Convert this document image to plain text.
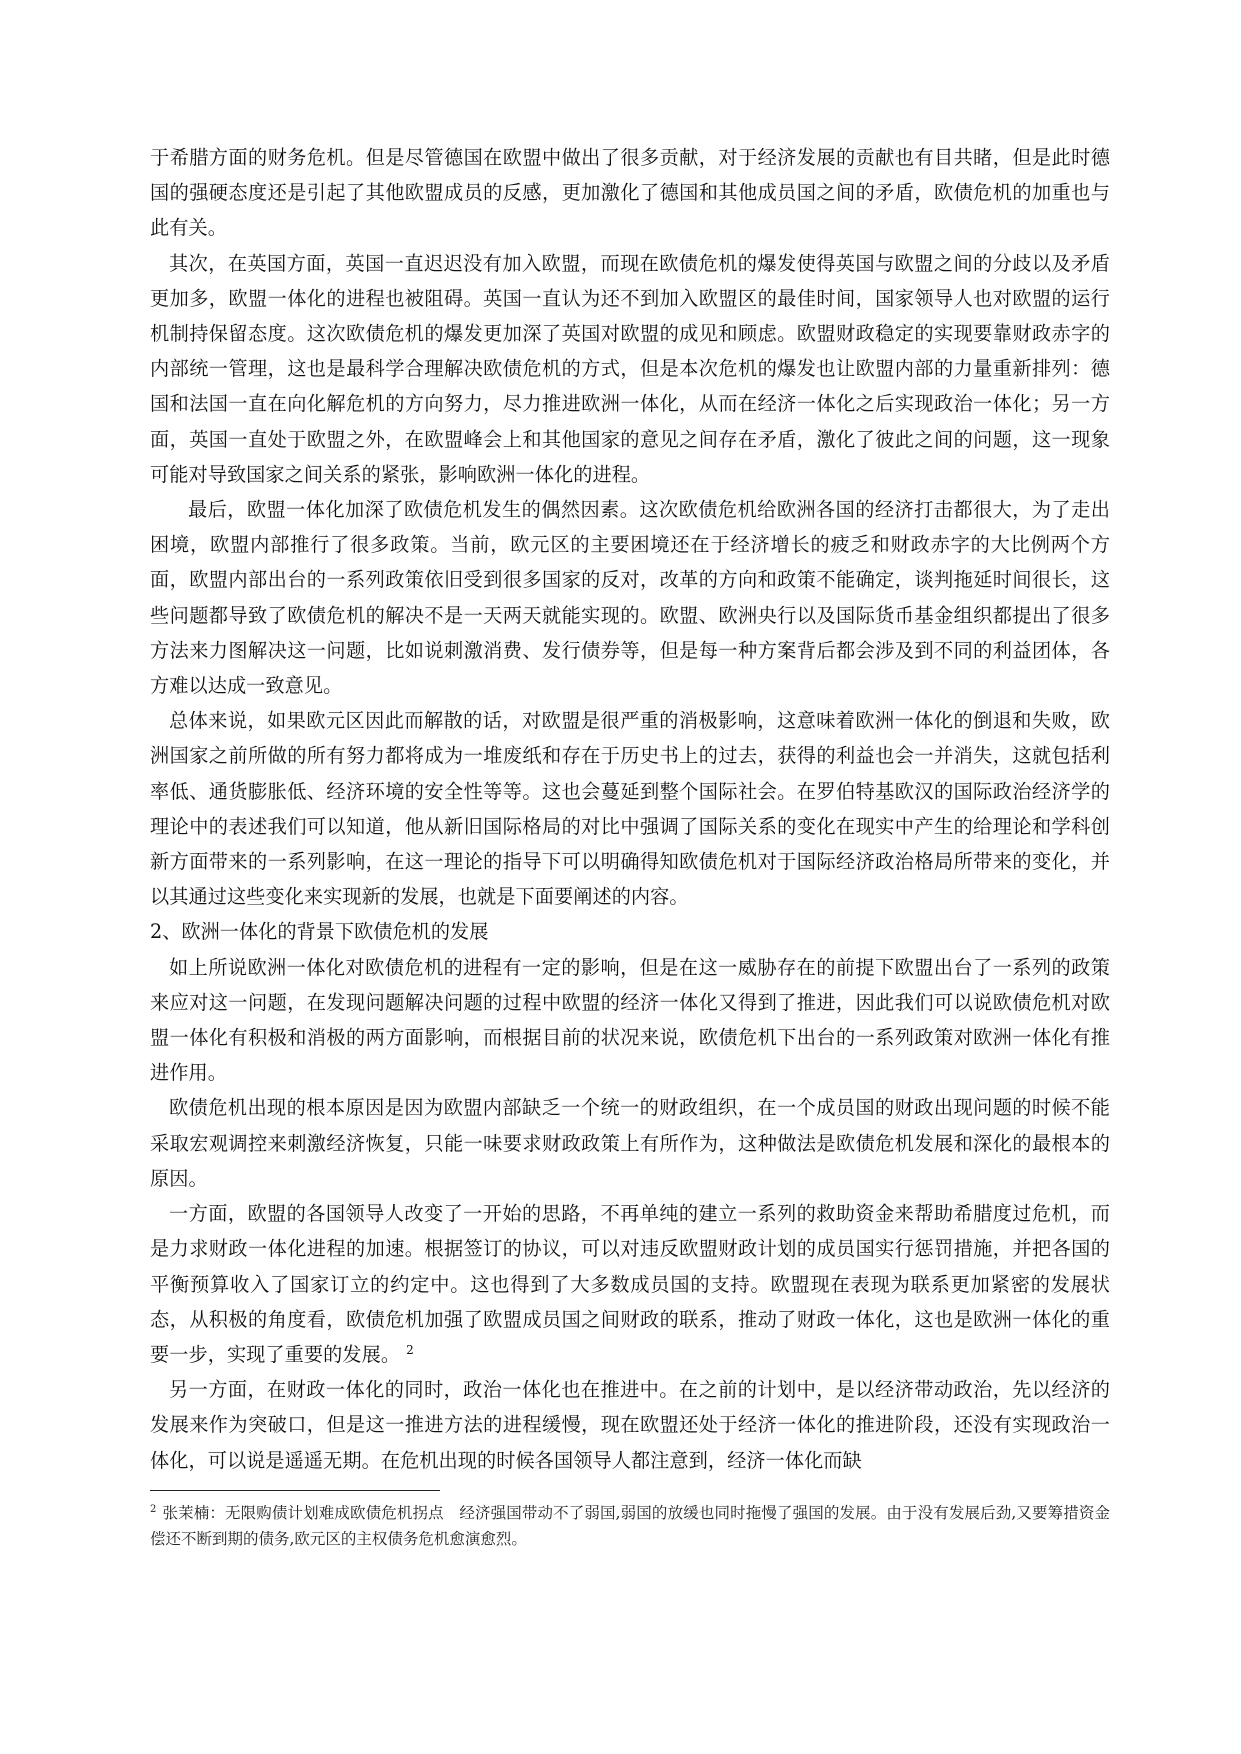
于希腊方面的财务危机。但是尽管德国在欧盟中做出了很多贡献，对于经济发展的贡献也有目共睹，但是此时德国的强硬态度还是引起了其他欧盟成员的反感，更加激化了德国和其他成员国之间的矛盾，欧债危机的加重也与此有关。

其次，在英国方面，英国一直迟迟没有加入欧盟，而现在欧债危机的爆发使得英国与欧盟之间的分歧以及矛盾更加多，欧盟一体化的进程也被阻碍。英国一直认为还不到加入欧盟区的最佳时间，国家领导人也对欧盟的运行机制持保留态度。这次欧债危机的爆发更加深了英国对欧盟的成见和顾虑。欧盟财政稳定的实现要靠财政赤字的内部统一管理，这也是最科学合理解决欧债危机的方式，但是本次危机的爆发也让欧盟内部的力量重新排列：德国和法国一直在向化解危机的方向努力，尽力推进欧洲一体化，从而在经济一体化之后实现政治一体化；另一方面，英国一直处于欧盟之外，在欧盟峰会上和其他国家的意见之间存在矛盾，激化了彼此之间的问题，这一现象可能对导致国家之间关系的紧张，影响欧洲一体化的进程。

最后，欧盟一体化加深了欧债危机发生的偶然因素。这次欧债危机给欧洲各国的经济打击都很大，为了走出困境，欧盟内部推行了很多政策。当前，欧元区的主要困境还在于经济增长的疲乏和财政赤字的大比例两个方面，欧盟内部出台的一系列政策依旧受到很多国家的反对，改革的方向和政策不能确定，谈判拖延时间很长，这些问题都导致了欧债危机的解决不是一天两天就能实现的。欧盟、欧洲央行以及国际货币基金组织都提出了很多方法来力图解决这一问题，比如说刺激消费、发行债券等，但是每一种方案背后都会涉及到不同的利益团体，各方难以达成一致意见。

总体来说，如果欧元区因此而解散的话，对欧盟是很严重的消极影响，这意味着欧洲一体化的倒退和失败，欧洲国家之前所做的所有努力都将成为一堆废纸和存在于历史书上的过去，获得的利益也会一并消失，这就包括利率低、通货膨胀低、经济环境的安全性等等。这也会蔓延到整个国际社会。在罗伯特基欧汉的国际政治经济学的理论中的表述我们可以知道，他从新旧国际格局的对比中强调了国际关系的变化在现实中产生的给理论和学科创新方面带来的一系列影响，在这一理论的指导下可以明确得知欧债危机对于国际经济政治格局所带来的变化，并以其通过这些变化来实现新的发展，也就是下面要阐述的内容。

2、欧洲一体化的背景下欧债危机的发展

如上所说欧洲一体化对欧债危机的进程有一定的影响，但是在这一威胁存在的前提下欧盟出台了一系列的政策来应对这一问题，在发现问题解决问题的过程中欧盟的经济一体化又得到了推进，因此我们可以说欧债危机对欧盟一体化有积极和消极的两方面影响，而根据目前的状况来说，欧债危机下出台的一系列政策对欧洲一体化有推进作用。

欧债危机出现的根本原因是因为欧盟内部缺乏一个统一的财政组织，在一个成员国的财政出现问题的时候不能采取宏观调控来刺激经济恢复，只能一味要求财政政策上有所作为，这种做法是欧债危机发展和深化的最根本的原因。

一方面，欧盟的各国领导人改变了一开始的思路，不再单纯的建立一系列的救助资金来帮助希腊度过危机，而是力求财政一体化进程的加速。根据签订的协议，可以对违反欧盟财政计划的成员国实行惩罚措施，并把各国的平衡预算收入了国家订立的约定中。这也得到了大多数成员国的支持。欧盟现在表现为联系更加紧密的发展状态，从积极的角度看，欧债危机加强了欧盟成员国之间财政的联系，推动了财政一体化，这也是欧洲一体化的重要一步，实现了重要的发展。 $^2$

另一方面，在财政一体化的同时，政治一体化也在推进中。在之前的计划中，是以经济带动政治，先以经济的发展来作为突破口，但是这一推进方法的进程缓慢，现在欧盟还处于经济一体化的推进阶段，还没有实现政治一体化，可以说是遥遥无期。在危机出现的时候各国领导人都注意到，经济一体化而缺

$^2$ 张茉楠：无限购债计划难成欧债危机拐点　经济强国带动不了弱国,弱国的放缓也同时拖慢了强国的发展。由于没有发展后劲,又要筹措资金偿还不断到期的债务,欧元区的主权债务危机愈演愈烈。
